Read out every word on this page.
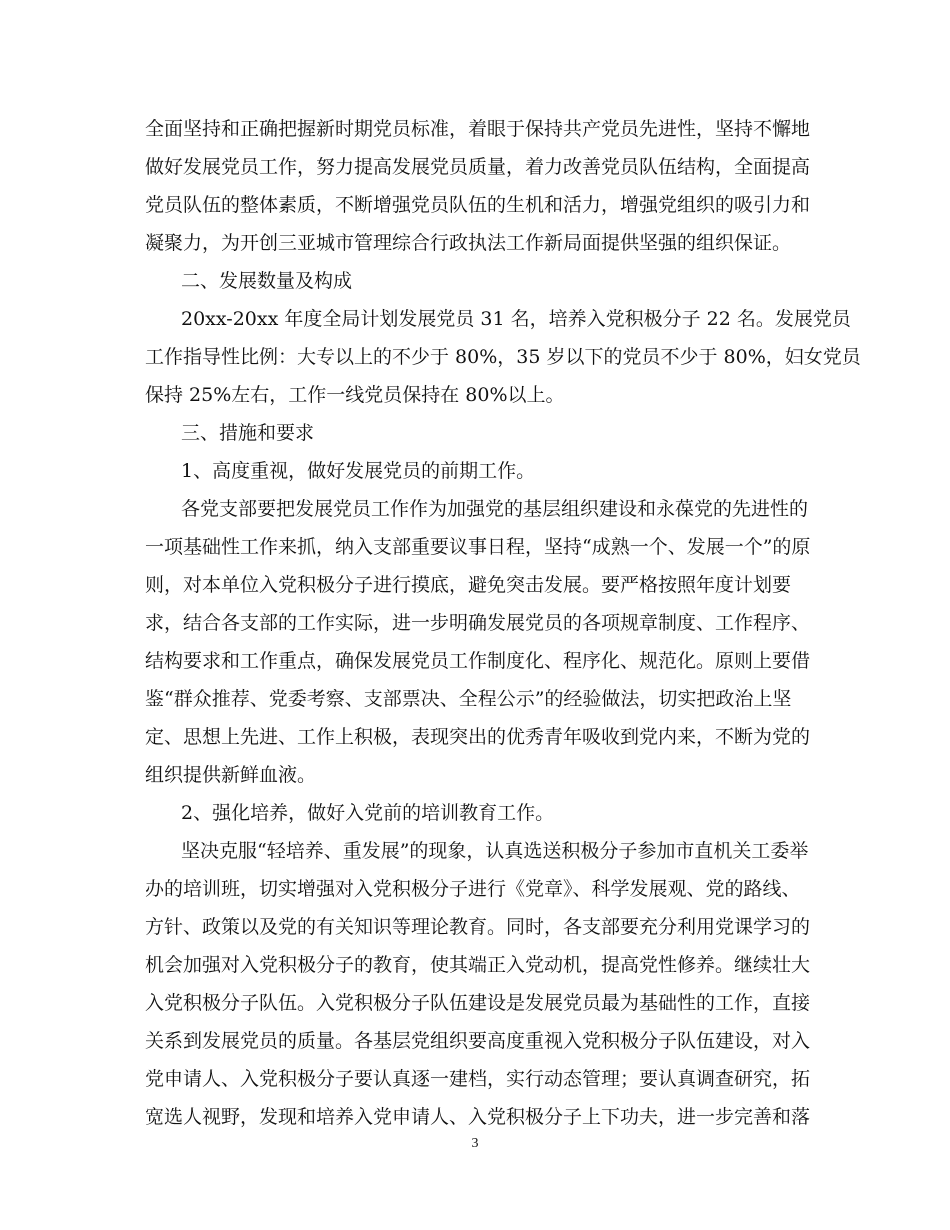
全面坚持和正确把握新时期党员标准，着眼于保持共产党员先进性，坚持不懈地
做好发展党员工作，努力提高发展党员质量，着力改善党员队伍结构，全面提高
党员队伍的整体素质，不断增强党员队伍的生机和活力，增强党组织的吸引力和
凝聚力，为开创三亚城市管理综合行政执法工作新局面提供坚强的组织保证。
二、发展数量及构成
20xx-20xx 年度全局计划发展党员 31 名，培养入党积极分子 22 名。发展党员
工作指导性比例：大专以上的不少于 80%，35 岁以下的党员不少于 80%，妇女党员
保持 25%左右，工作一线党员保持在 80%以上。
三、措施和要求
1、高度重视，做好发展党员的前期工作。
各党支部要把发展党员工作作为加强党的基层组织建设和永葆党的先进性的
一项基础性工作来抓，纳入支部重要议事日程，坚持“成熟一个、发展一个”的原
则，对本单位入党积极分子进行摸底，避免突击发展。要严格按照年度计划要
求，结合各支部的工作实际，进一步明确发展党员的各项规章制度、工作程序、
结构要求和工作重点，确保发展党员工作制度化、程序化、规范化。原则上要借
鉴“群众推荐、党委考察、支部票决、全程公示”的经验做法，切实把政治上坚
定、思想上先进、工作上积极，表现突出的优秀青年吸收到党内来，不断为党的
组织提供新鲜血液。
2、强化培养，做好入党前的培训教育工作。
坚决克服“轻培养、重发展”的现象，认真选送积极分子参加市直机关工委举
办的培训班，切实增强对入党积极分子进行《党章》、科学发展观、党的路线、
方针、政策以及党的有关知识等理论教育。同时，各支部要充分利用党课学习的
机会加强对入党积极分子的教育，使其端正入党动机，提高党性修养。继续壮大
入党积极分子队伍。入党积极分子队伍建设是发展党员最为基础性的工作，直接
关系到发展党员的质量。各基层党组织要高度重视入党积极分子队伍建设，对入
党申请人、入党积极分子要认真逐一建档，实行动态管理；要认真调查研究，拓
宽选人视野，发现和培养入党申请人、入党积极分子上下功夫，进一步完善和落
3
